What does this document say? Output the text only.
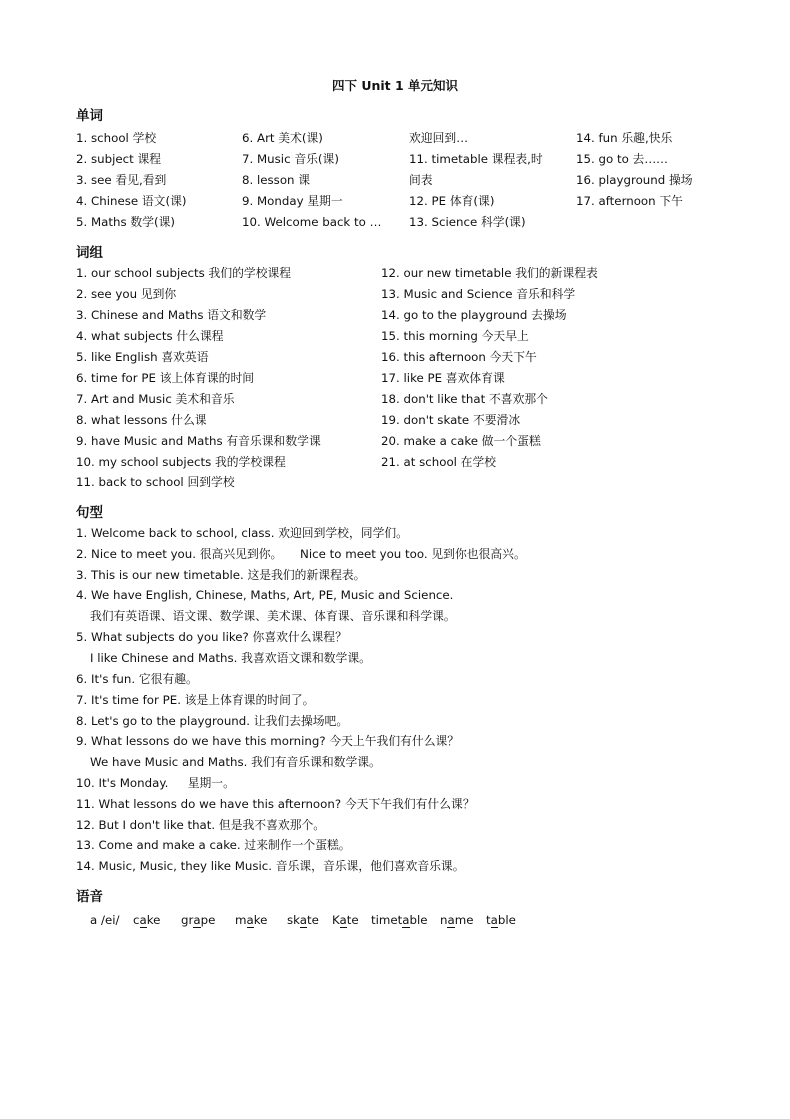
四下 Unit 1 单元知识
单词
1. school 学校
2. subject 课程
3. see 看见,看到
4. Chinese 语文(课)
5. Maths 数学(课)
6. Art 美术(课)
7. Music 音乐(课)
8. lesson 课
9. Monday 星期一
10. Welcome back to …
欢迎回到…
11. timetable 课程表,时
间表
12. PE 体育(课)
13. Science 科学(课)
14. fun 乐趣,快乐
15. go to 去……
16. playground 操场
17. afternoon 下午
词组
1. our school subjects 我们的学校课程
2. see you 见到你
3. Chinese and Maths 语文和数学
4. what subjects 什么课程
5. like English 喜欢英语
6. time for PE 该上体育课的时间
7. Art and Music 美术和音乐
8. what lessons 什么课
9. have Music and Maths 有音乐课和数学课
10. my school subjects 我的学校课程
11. back to school 回到学校
12. our new timetable 我们的新课程表
13. Music and Science 音乐和科学
14. go to the playground 去操场
15. this morning 今天早上
16. this afternoon 今天下午
17. like PE 喜欢体育课
18. don't like that 不喜欢那个
19. don't skate 不要滑冰
20. make a cake 做一个蛋糕
21. at school 在学校
句型
1. Welcome back to school, class. 欢迎回到学校，同学们。
2. Nice to meet you. 很高兴见到你。　　Nice to meet you too. 见到你也很高兴。
3. This is our new timetable. 这是我们的新课程表。
4. We have English, Chinese, Maths, Art, PE, Music and Science.
我们有英语课、语文课、数学课、美术课、体育课、音乐课和科学课。
5. What subjects do you like? 你喜欢什么课程？
I like Chinese and Maths. 我喜欢语文课和数学课。
6. It's fun. 它很有趣。
7. It's time for PE. 该是上体育课的时间了。
8. Let's go to the playground. 让我们去操场吧。
9. What lessons do we have this morning? 今天上午我们有什么课？
We have Music and Maths. 我们有音乐课和数学课。
10. It's Monday. 　 星期一。
11. What lessons do we have this afternoon? 今天下午我们有什么课？
12. But I don't like that. 但是我不喜欢那个。
13. Come and make a cake. 过来制作一个蛋糕。
14. Music, Music, they like Music. 音乐课，音乐课，他们喜欢音乐课。
语音
a /ei/ cake grape make skate Kate timetable name table
